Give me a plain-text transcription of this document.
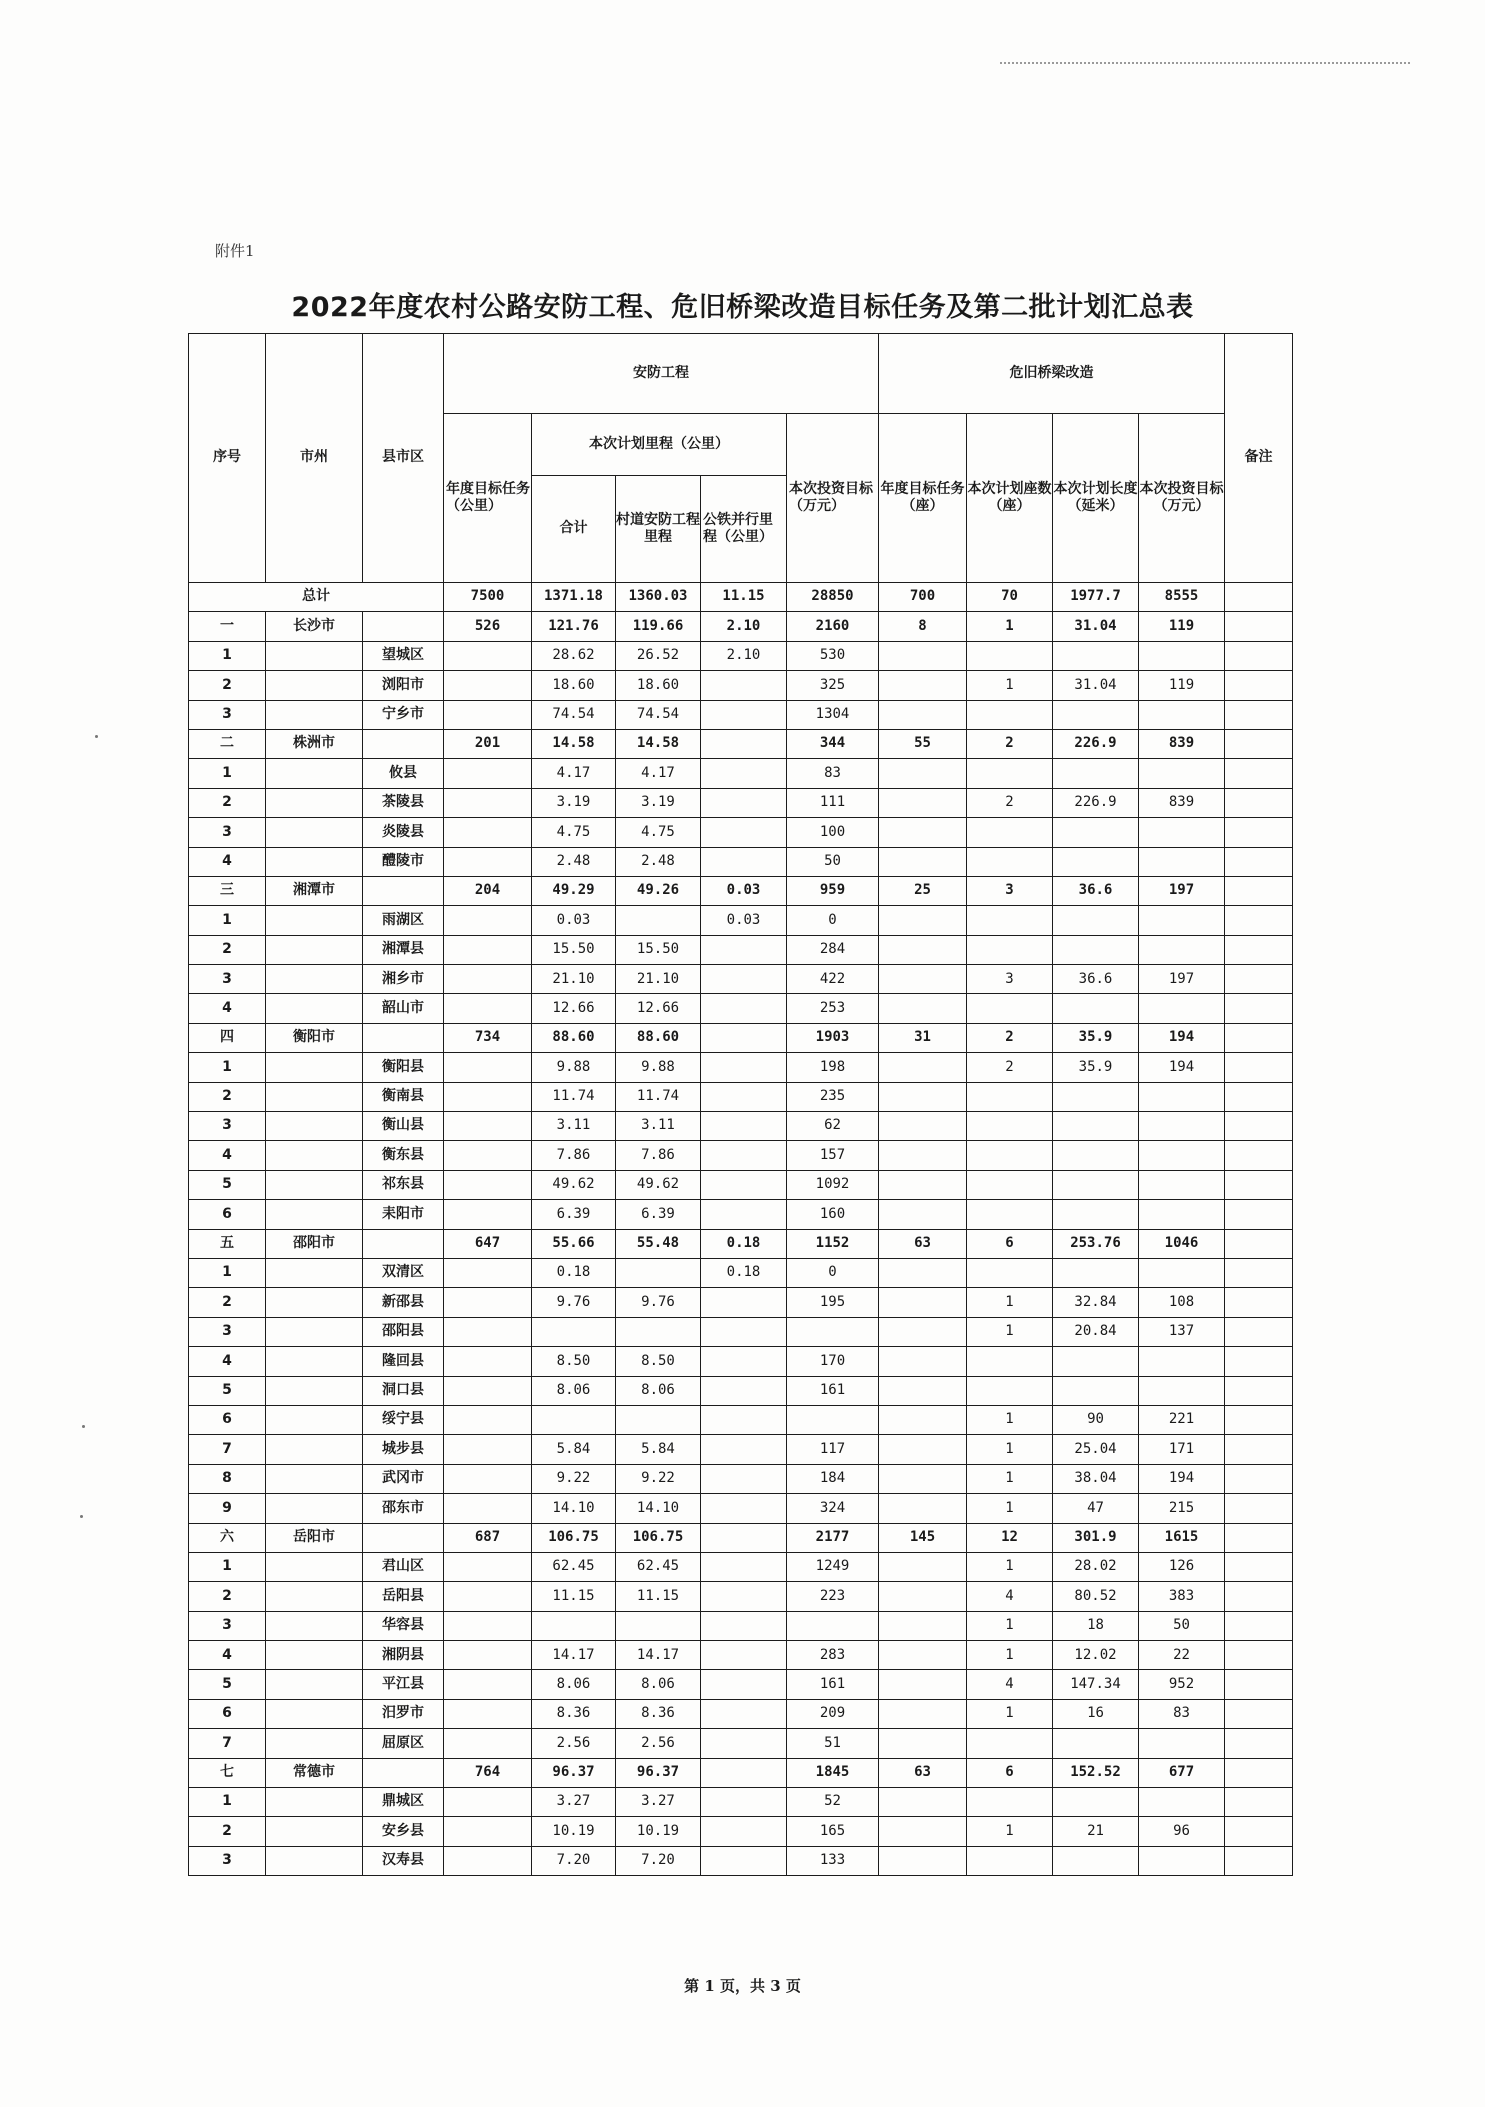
附件1
2022年度农村公路安防工程、危旧桥梁改造目标任务及第二批计划汇总表
序号	市州	县市区	安防工程					危旧桥梁改造				备注
			年度目标任务（公里）	本次计划里程（公里）			本次投资目标（万元）	年度目标任务（座）	本次计划座数（座）	本次计划长度（延米）	本次投资目标（万元）	
				合计	村道安防工程里程	公铁并行里程（公里）						
总计			7500	1371.18	1360.03	11.15	28850	700	70	1977.7	8555	
一	长沙市		526	121.76	119.66	2.10	2160	8	1	31.04	119	
1		望城区		28.62	26.52	2.10	530					
2		浏阳市		18.60	18.60		325		1	31.04	119	
3		宁乡市		74.54	74.54		1304					
二	株洲市		201	14.58	14.58		344	55	2	226.9	839	
1		攸县		4.17	4.17		83					
2		茶陵县		3.19	3.19		111		2	226.9	839	
3		炎陵县		4.75	4.75		100					
4		醴陵市		2.48	2.48		50					
三	湘潭市		204	49.29	49.26	0.03	959	25	3	36.6	197	
1		雨湖区		0.03		0.03	0					
2		湘潭县		15.50	15.50		284					
3		湘乡市		21.10	21.10		422		3	36.6	197	
4		韶山市		12.66	12.66		253					
四	衡阳市		734	88.60	88.60		1903	31	2	35.9	194	
1		衡阳县		9.88	9.88		198		2	35.9	194	
2		衡南县		11.74	11.74		235					
3		衡山县		3.11	3.11		62					
4		衡东县		7.86	7.86		157					
5		祁东县		49.62	49.62		1092					
6		耒阳市		6.39	6.39		160					
五	邵阳市		647	55.66	55.48	0.18	1152	63	6	253.76	1046	
1		双清区		0.18		0.18	0					
2		新邵县		9.76	9.76		195		1	32.84	108	
3		邵阳县							1	20.84	137	
4		隆回县		8.50	8.50		170					
5		洞口县		8.06	8.06		161					
6		绥宁县							1	90	221	
7		城步县		5.84	5.84		117		1	25.04	171	
8		武冈市		9.22	9.22		184		1	38.04	194	
9		邵东市		14.10	14.10		324		1	47	215	
六	岳阳市		687	106.75	106.75		2177	145	12	301.9	1615	
1		君山区		62.45	62.45		1249		1	28.02	126	
2		岳阳县		11.15	11.15		223		4	80.52	383	
3		华容县							1	18	50	
4		湘阴县		14.17	14.17		283		1	12.02	22	
5		平江县		8.06	8.06		161		4	147.34	952	
6		汨罗市		8.36	8.36		209		1	16	83	
7		屈原区		2.56	2.56		51					
七	常德市		764	96.37	96.37		1845	63	6	152.52	677	
1		鼎城区		3.27	3.27		52					
2		安乡县		10.19	10.19		165		1	21	96	
3		汉寿县		7.20	7.20		133					
第 1 页，共 3 页
